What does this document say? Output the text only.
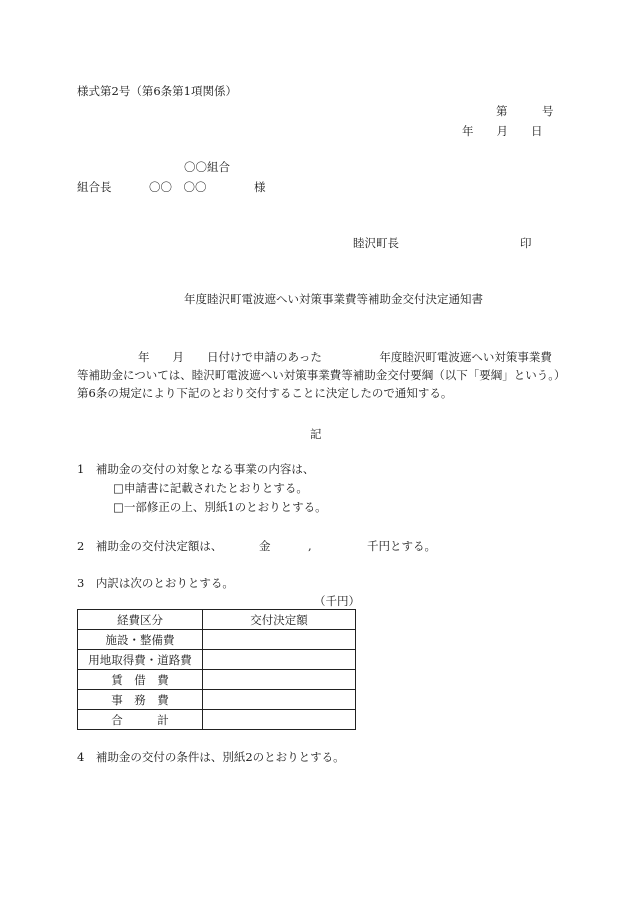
様式第2号（第6条第1項関係）
第　　　号
年　　月　　日
〇〇組合
組合長	〇〇　〇〇	様
睦沢町長	印
年度睦沢町電波遮へい対策事業費等補助金交付決定通知書
年　　月　　日付けで申請のあった　　　　　年度睦沢町電波遮へい対策事業費
等補助金については、睦沢町電波遮へい対策事業費等補助金交付要綱（以下「要綱」という。）
第6条の規定により下記のとおり交付することに決定したので通知する。
記
1　補助金の交付の対象となる事業の内容は、
□申請書に記載されたとおりとする。
□一部修正の上、別紙1のとおりとする。
2　補助金の交付決定額は、	金	,	千円とする。
3　内訳は次のとおりとする。
（千円）
経費区分	交付決定額
施設・整備費	
用地取得費・道路費	
賃　借　費	
事　務　費	
合　　　計	
4　補助金の交付の条件は、別紙2のとおりとする。
